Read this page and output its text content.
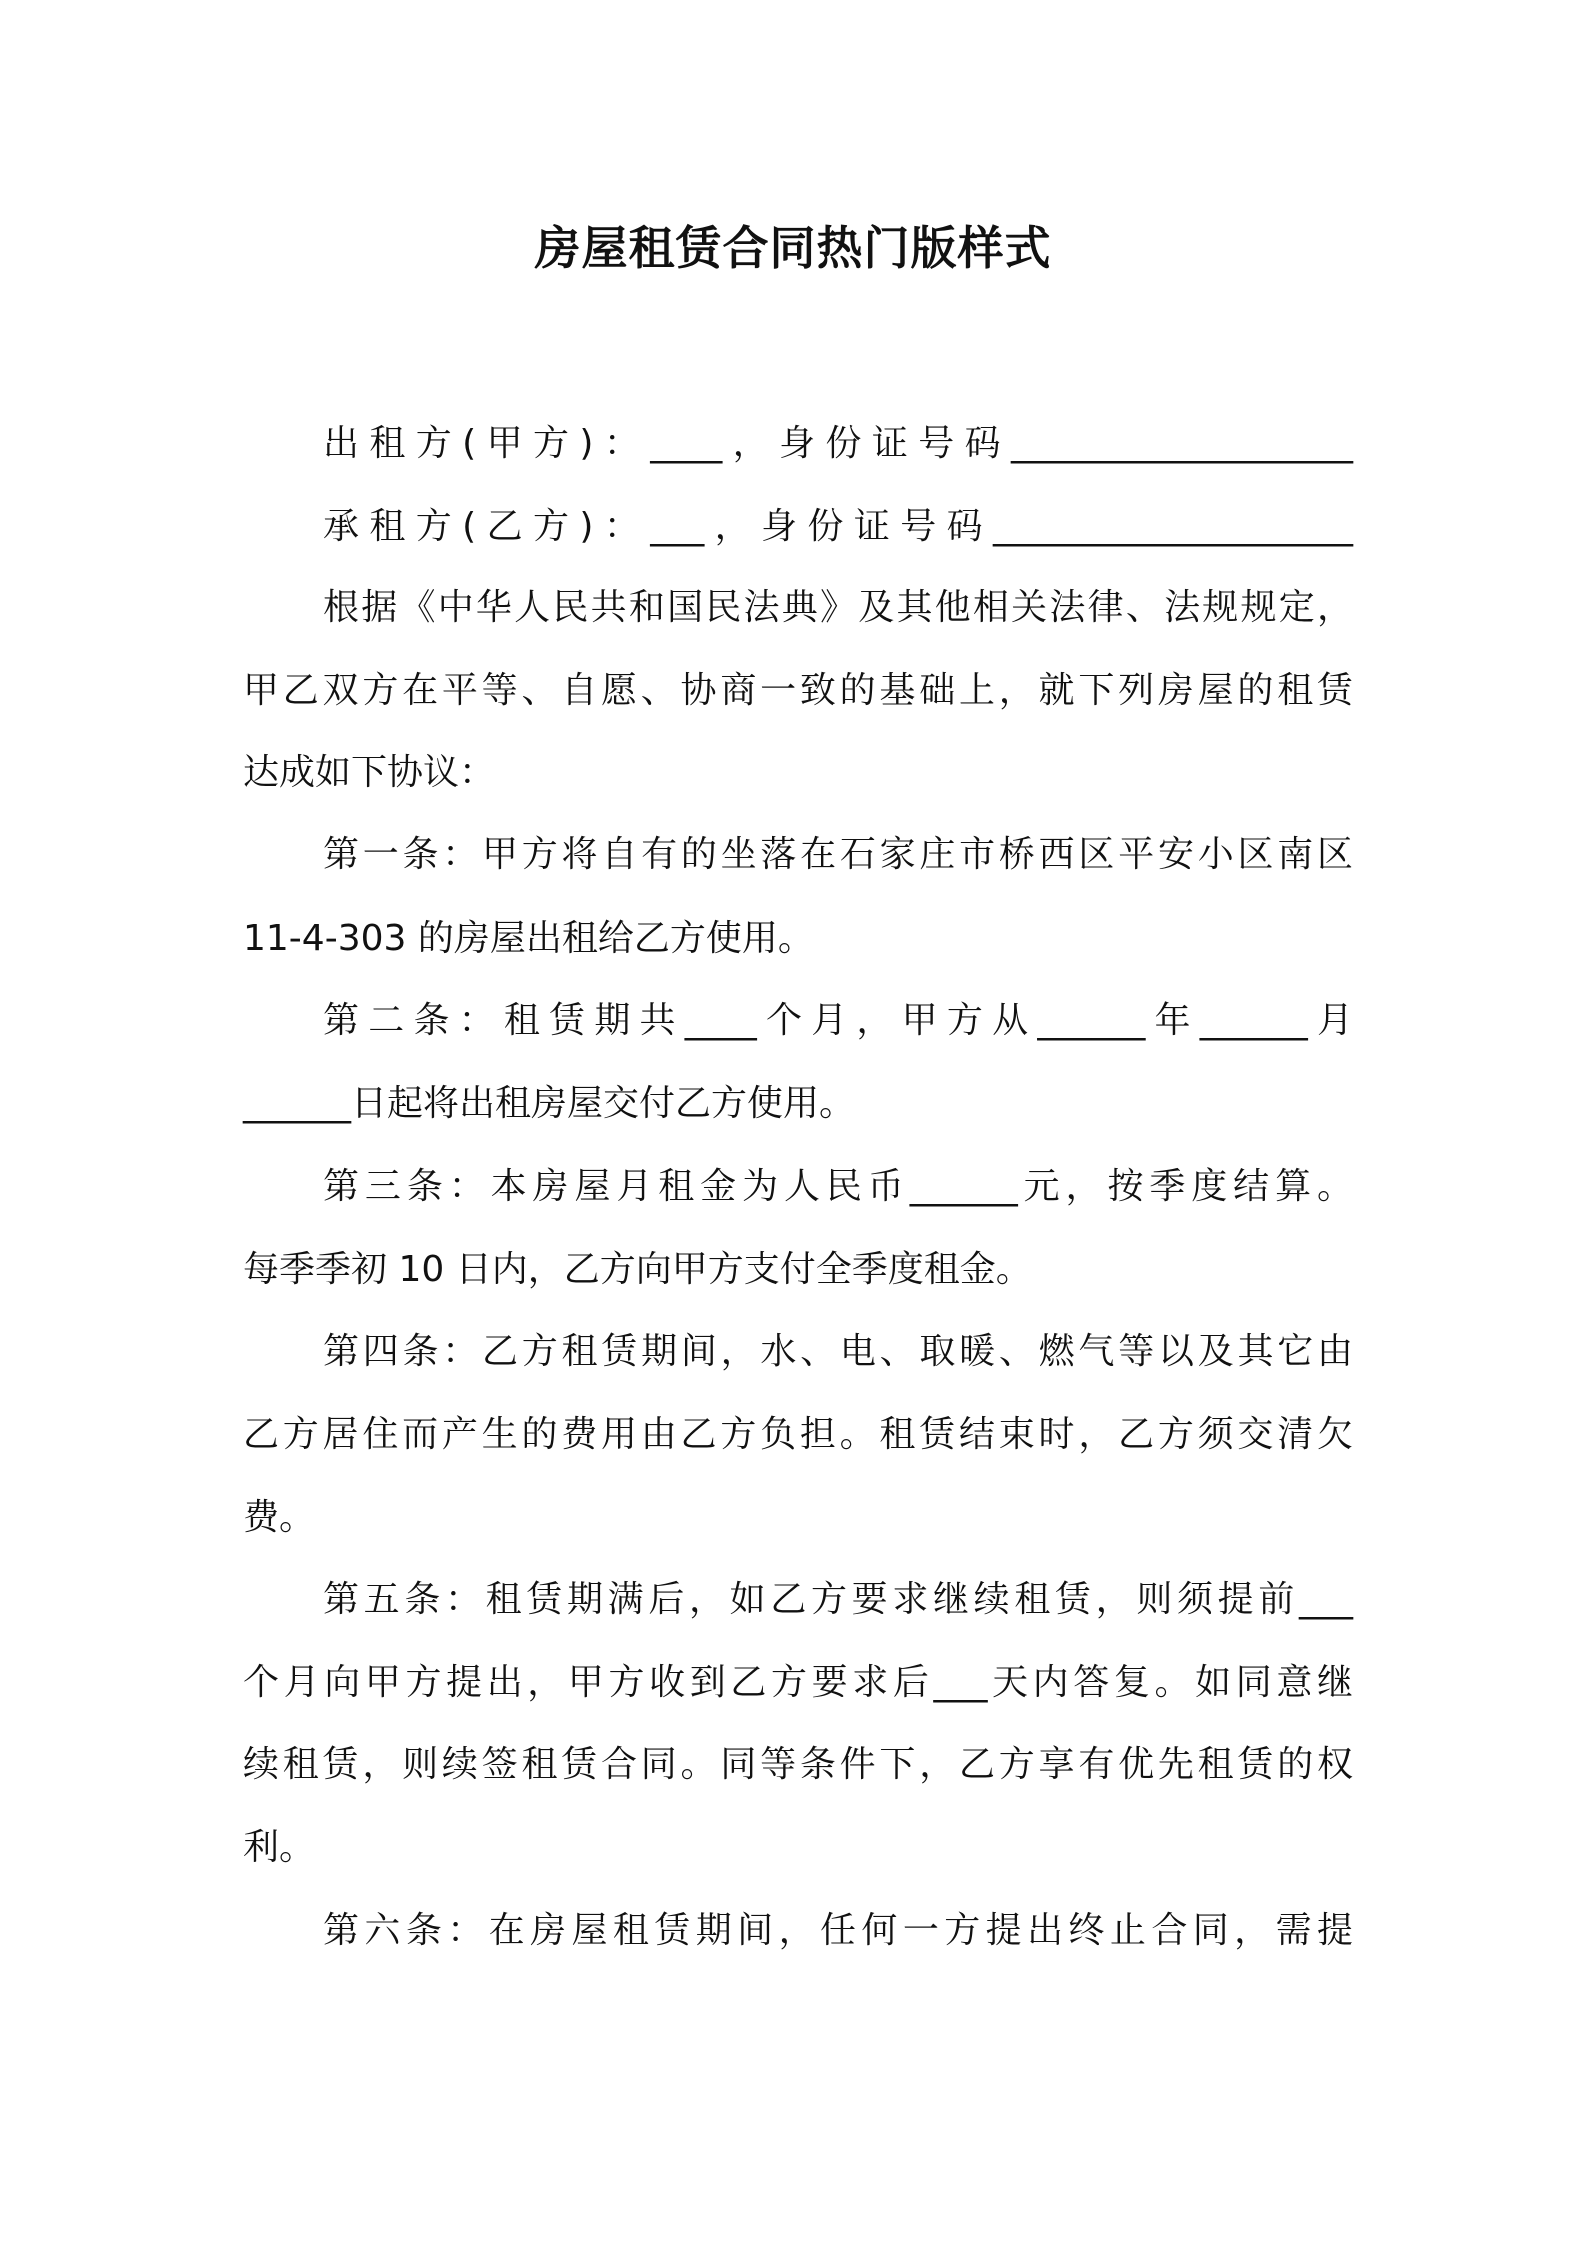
房屋租赁合同热门版样式

出租方(甲方)：____，身份证号码___________________

承租方(乙方)：___，身份证号码____________________

根据《中华人民共和国民法典》及其他相关法律、法规规定，

甲乙双方在平等、自愿、协商一致的基础上，就下列房屋的租赁

达成如下协议：

第一条：甲方将自有的坐落在石家庄市桥西区平安小区南区

11-4-303 的房屋出租给乙方使用。

第二条：租赁期共____个月，甲方从______年______月

______日起将出租房屋交付乙方使用。

第三条：本房屋月租金为人民币______元，按季度结算。

每季季初 10 日内，乙方向甲方支付全季度租金。

第四条：乙方租赁期间，水、电、取暖、燃气等以及其它由

乙方居住而产生的费用由乙方负担。租赁结束时，乙方须交清欠

费。

第五条：租赁期满后，如乙方要求继续租赁，则须提前___

个月向甲方提出，甲方收到乙方要求后___天内答复。如同意继

续租赁，则续签租赁合同。同等条件下，乙方享有优先租赁的权

利。

第六条：在房屋租赁期间，任何一方提出终止合同，需提
